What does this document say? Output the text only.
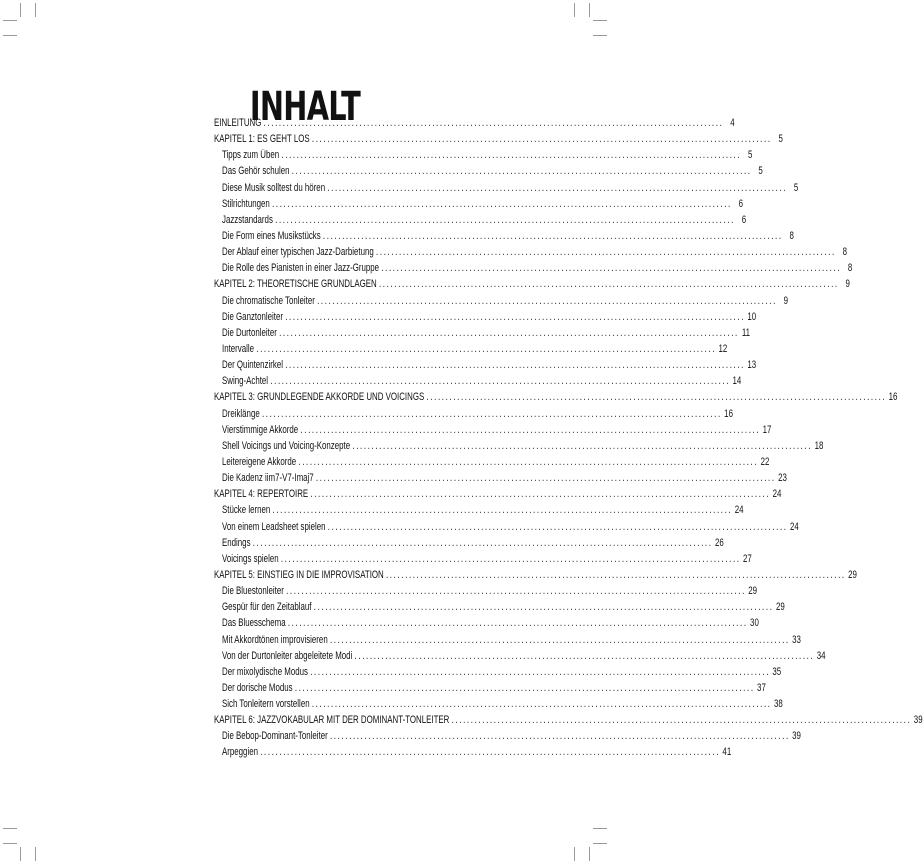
INHALT
EINLEITUNG ........................................................................................................................ 4
KAPITEL 1: ES GEHT LOS ........................................................................................................................ 5
Tipps zum Üben ........................................................................................................................ 5
Das Gehör schulen ........................................................................................................................ 5
Diese Musik solltest du hören ........................................................................................................................ 5
Stilrichtungen ........................................................................................................................ 6
Jazzstandards ........................................................................................................................ 6
Die Form eines Musikstücks ........................................................................................................................ 8
Der Ablauf einer typischen Jazz-Darbietung ........................................................................................................................ 8
Die Rolle des Pianisten in einer Jazz-Gruppe ........................................................................................................................ 8
KAPITEL 2: THEORETISCHE GRUNDLAGEN ........................................................................................................................ 9
Die chromatische Tonleiter ........................................................................................................................ 9
Die Ganztonleiter ........................................................................................................................ 10
Die Durtonleiter ........................................................................................................................ 11
Intervalle ........................................................................................................................ 12
Der Quintenzirkel ........................................................................................................................ 13
Swing-Achtel ........................................................................................................................ 14
KAPITEL 3: GRUNDLEGENDE AKKORDE UND VOICINGS ........................................................................................................................ 16
Dreiklänge ........................................................................................................................ 16
Vierstimmige Akkorde ........................................................................................................................ 17
Shell Voicings und Voicing-Konzepte ........................................................................................................................ 18
Leitereigene Akkorde ........................................................................................................................ 22
Die Kadenz iim7-V7-Imaj7 ........................................................................................................................ 23
KAPITEL 4: REPERTOIRE ........................................................................................................................ 24
Stücke lernen ........................................................................................................................ 24
Von einem Leadsheet spielen ........................................................................................................................ 24
Endings ........................................................................................................................ 26
Voicings spielen ........................................................................................................................ 27
KAPITEL 5: EINSTIEG IN DIE IMPROVISATION ........................................................................................................................ 29
Die Bluestonleiter ........................................................................................................................ 29
Gespür für den Zeitablauf ........................................................................................................................ 29
Das Bluesschema ........................................................................................................................ 30
Mit Akkordtönen improvisieren ........................................................................................................................ 33
Von der Durtonleiter abgeleitete Modi ........................................................................................................................ 34
Der mixolydische Modus ........................................................................................................................ 35
Der dorische Modus ........................................................................................................................ 37
Sich Tonleitern vorstellen ........................................................................................................................ 38
KAPITEL 6: JAZZVOKABULAR MIT DER DOMINANT-TONLEITER ........................................................................................................................ 39
Die Bebop-Dominant-Tonleiter ........................................................................................................................ 39
Arpeggien ........................................................................................................................ 41
